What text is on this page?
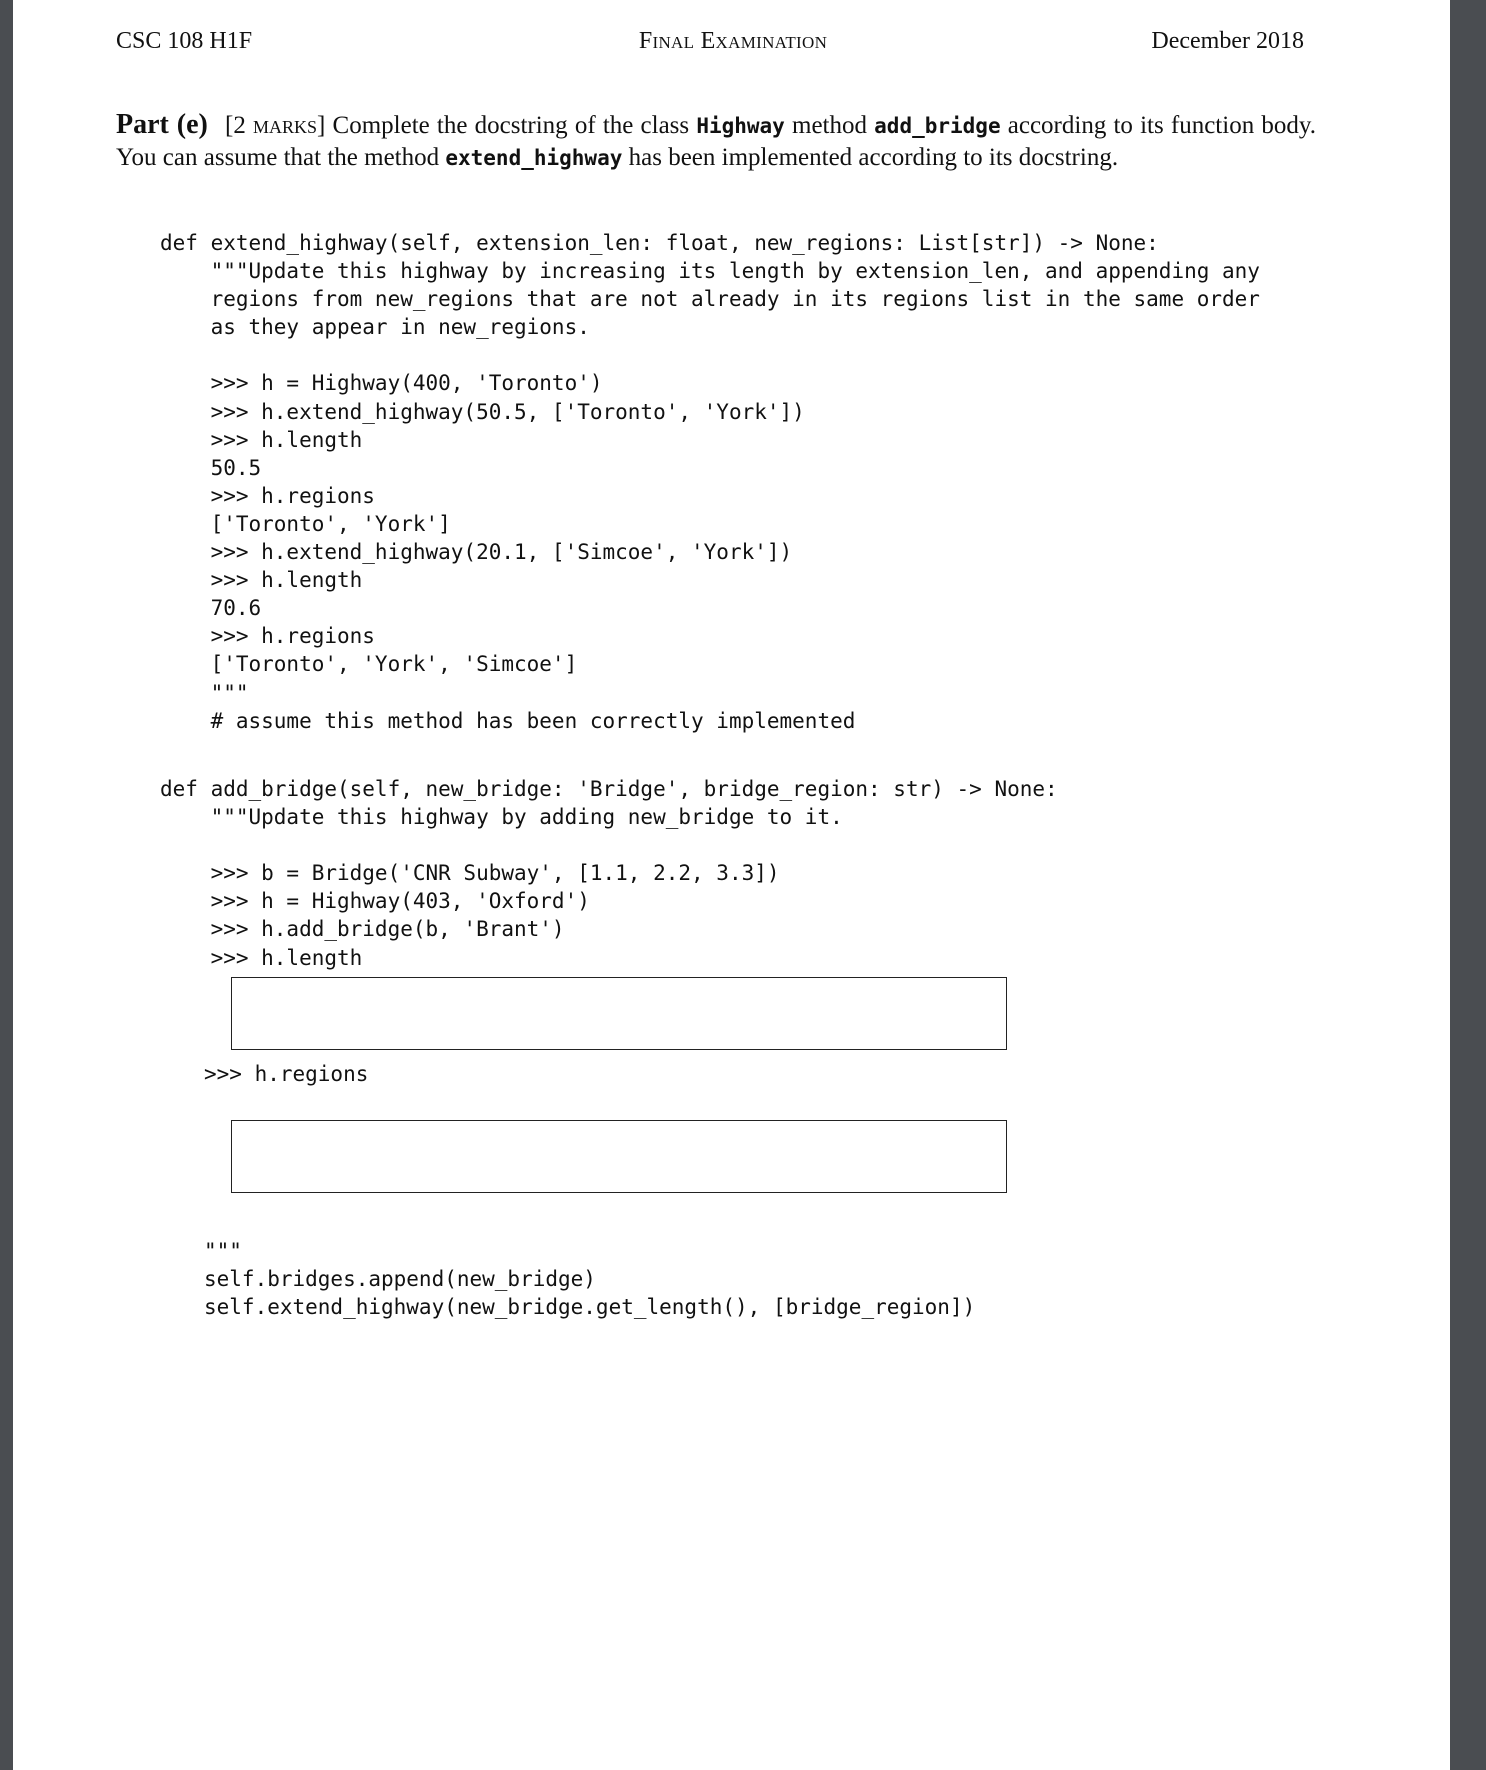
CSC 108 H1F	Final Examination	December 2018
Part (e) [2 marks] Complete the docstring of the class Highway method add_bridge according to its function body. You can assume that the method extend_highway has been implemented according to its docstring.
def extend_highway(self, extension_len: float, new_regions: List[str]) -> None:
"""Update this highway by increasing its length by extension_len, and appending any
regions from new_regions that are not already in its regions list in the same order
as they appear in new_regions.

>>> h = Highway(400, 'Toronto')
>>> h.extend_highway(50.5, ['Toronto', 'York'])
>>> h.length
50.5
>>> h.regions
['Toronto', 'York']
>>> h.extend_highway(20.1, ['Simcoe', 'York'])
>>> h.length
70.6
>>> h.regions
['Toronto', 'York', 'Simcoe']
"""
# assume this method has been correctly implemented
def add_bridge(self, new_bridge: 'Bridge', bridge_region: str) -> None:
"""Update this highway by adding new_bridge to it.

>>> b = Bridge('CNR Subway', [1.1, 2.2, 3.3])
>>> h = Highway(403, 'Oxford')
>>> h.add_bridge(b, 'Brant')
>>> h.length
>>> h.regions
"""
self.bridges.append(new_bridge)
self.extend_highway(new_bridge.get_length(), [bridge_region])
